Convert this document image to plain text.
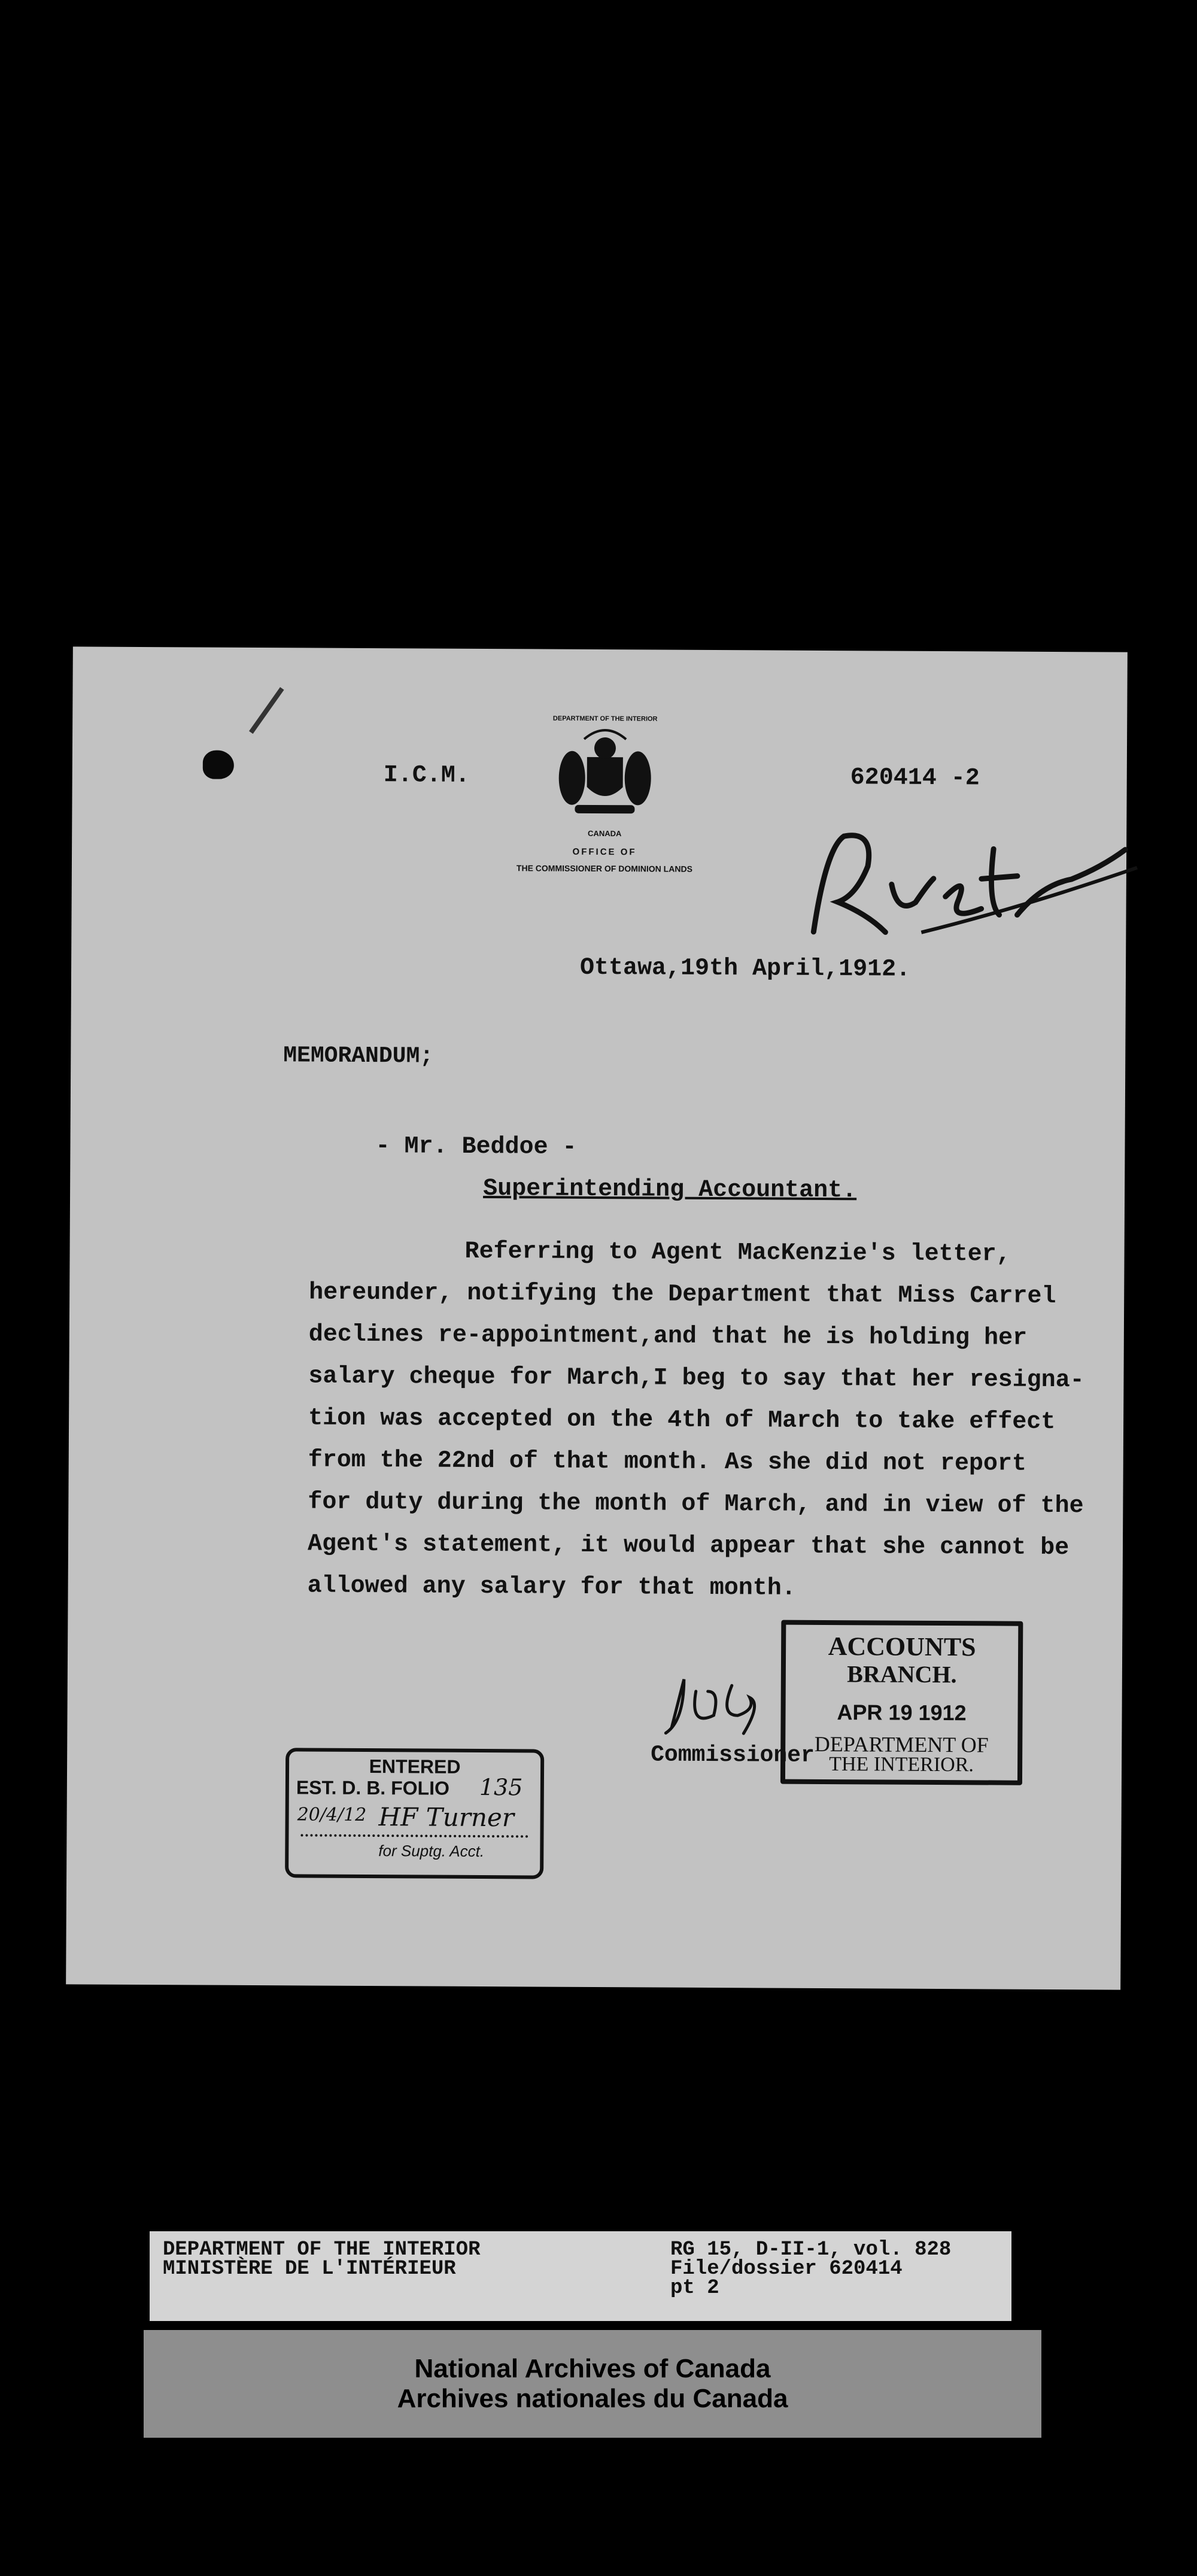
DEPARTMENT OF THE INTERIOR
CANADA
OFFICE OF
THE COMMISSIONER OF DOMINION LANDS
I.C.M.	620414 -2
Ottawa,19th April,1912.
MEMORANDUM;
- Mr. Beddoe -
Superintending Accountant.
Referring to Agent MacKenzie's letter,
hereunder, notifying the Department that Miss Carrel
declines re-appointment,and that he is holding her
salary cheque for March,I beg to say that her resigna-
tion was accepted on the 4th of March to take effect
from the 22nd of that month. As she did not report
for duty during the month of March, and in view of the
Agent's statement, it would appear that she cannot be
allowed any salary for that month.
ACCOUNTS
BRANCH.
APR 19 1912
DEPARTMENT OF
THE INTERIOR.
Commissioner
ENTERED
EST. D. B. FOLIO	135
20/4/12 HF Turner
for Suptg. Acct.
DEPARTMENT OF THE INTERIOR
MINISTÈRE DE L'INTÉRIEUR
RG 15, D-II-1, vol. 828
File/dossier 620414
pt 2
National Archives of Canada
Archives nationales du Canada
